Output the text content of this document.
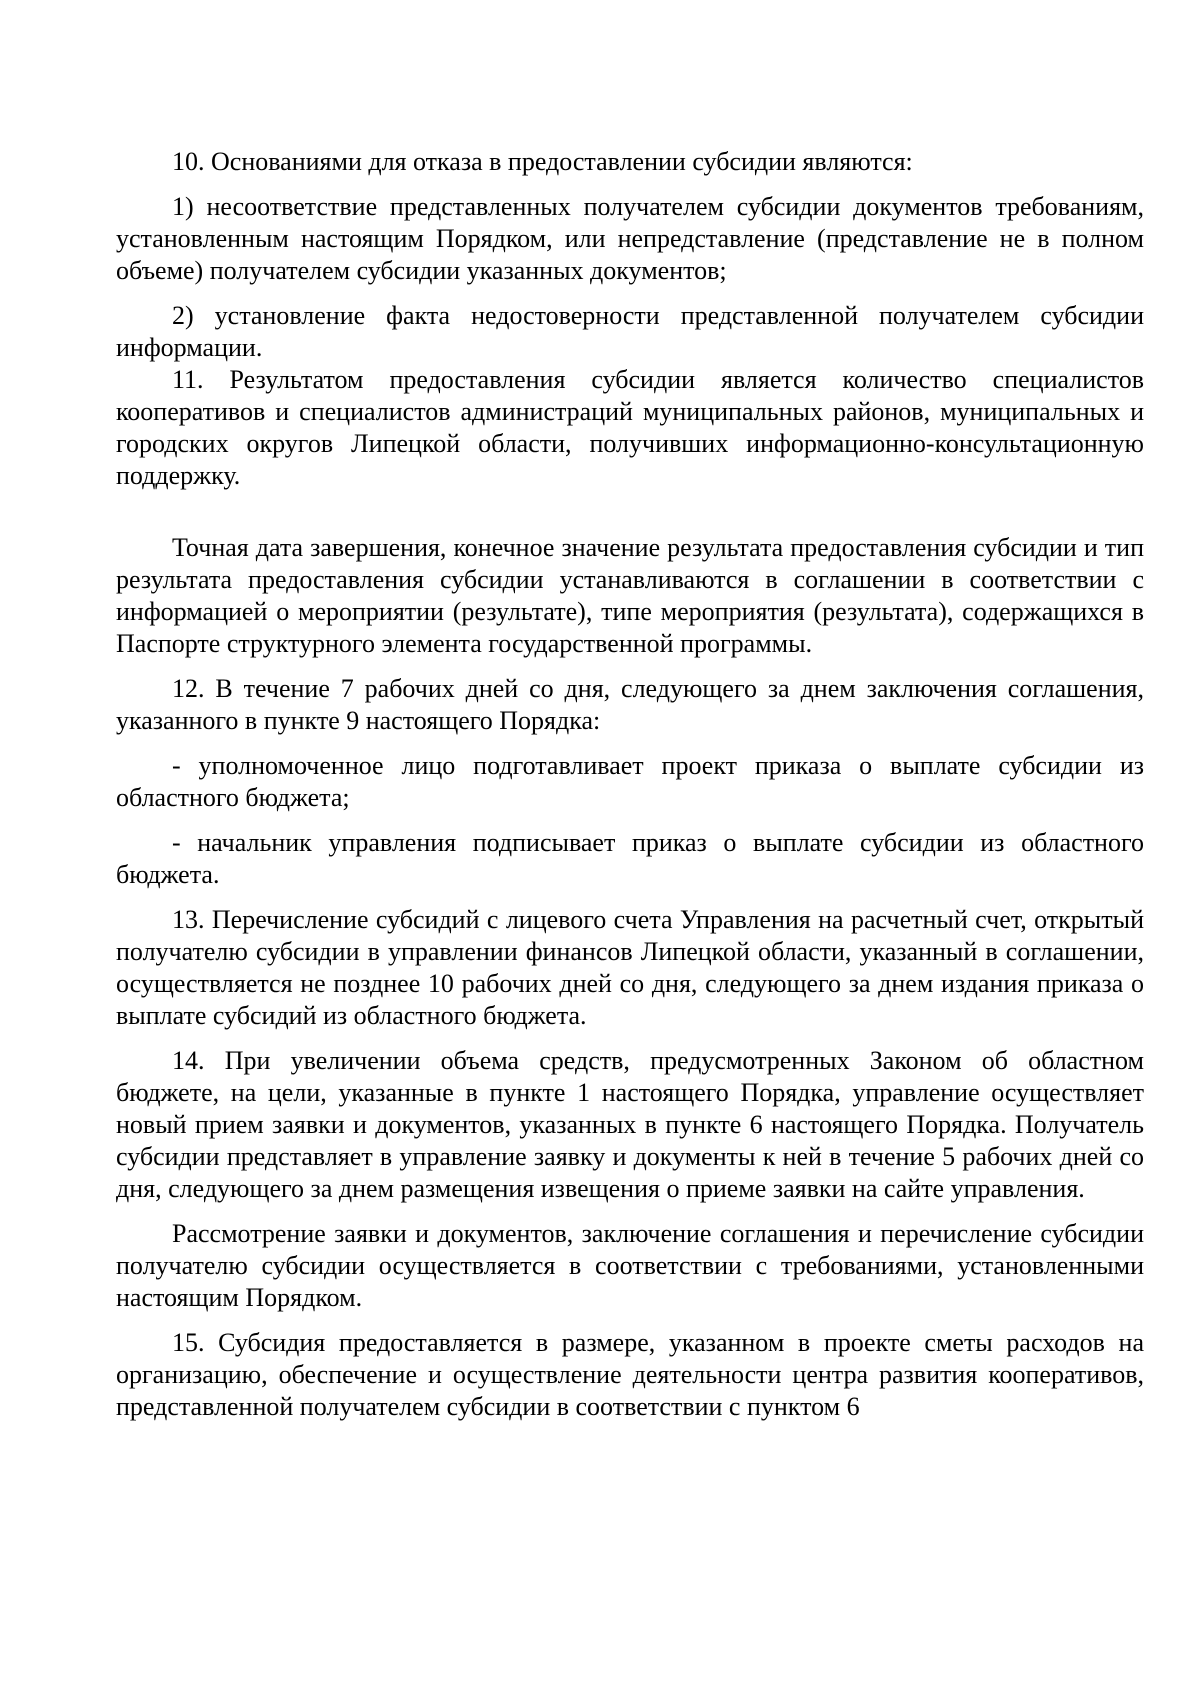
10. Основаниями для отказа в предоставлении субсидии являются:

1) несоответствие представленных получателем субсидии документов требованиям, установленным настоящим Порядком, или непредставление (представление не в полном объеме) получателем субсидии указанных документов;

2) установление факта недостоверности представленной получателем субсидии информации.

11. Результатом предоставления субсидии является количество специалистов кооперативов и специалистов администраций муниципальных районов, муниципальных и городских округов Липецкой области, получивших информационно-консультационную поддержку.

Точная дата завершения, конечное значение результата предоставления субсидии и тип результата предоставления субсидии устанавливаются в соглашении в соответствии с информацией о мероприятии (результате), типе мероприятия (результата), содержащихся в Паспорте структурного элемента государственной программы.

12. В течение 7 рабочих дней со дня, следующего за днем заключения соглашения, указанного в пункте 9 настоящего Порядка:

- уполномоченное лицо подготавливает проект приказа о выплате субсидии из областного бюджета;

- начальник управления подписывает приказ о выплате субсидии из областного бюджета.

13. Перечисление субсидий с лицевого счета Управления на расчетный счет, открытый получателю субсидии в управлении финансов Липецкой области, указанный в соглашении, осуществляется не позднее 10 рабочих дней со дня, следующего за днем издания приказа о выплате субсидий из областного бюджета.

14. При увеличении объема средств, предусмотренных Законом об областном бюджете, на цели, указанные в пункте 1 настоящего Порядка, управление осуществляет новый прием заявки и документов, указанных в пункте 6 настоящего Порядка. Получатель субсидии представляет в управление заявку и документы к ней в течение 5 рабочих дней со дня, следующего за днем размещения извещения о приеме заявки на сайте управления.

Рассмотрение заявки и документов, заключение соглашения и перечисление субсидии получателю субсидии осуществляется в соответствии с требованиями, установленными настоящим Порядком.

15. Субсидия предоставляется в размере, указанном в проекте сметы расходов на организацию, обеспечение и осуществление деятельности центра развития кооперативов, представленной получателем субсидии в соответствии с пунктом 6
